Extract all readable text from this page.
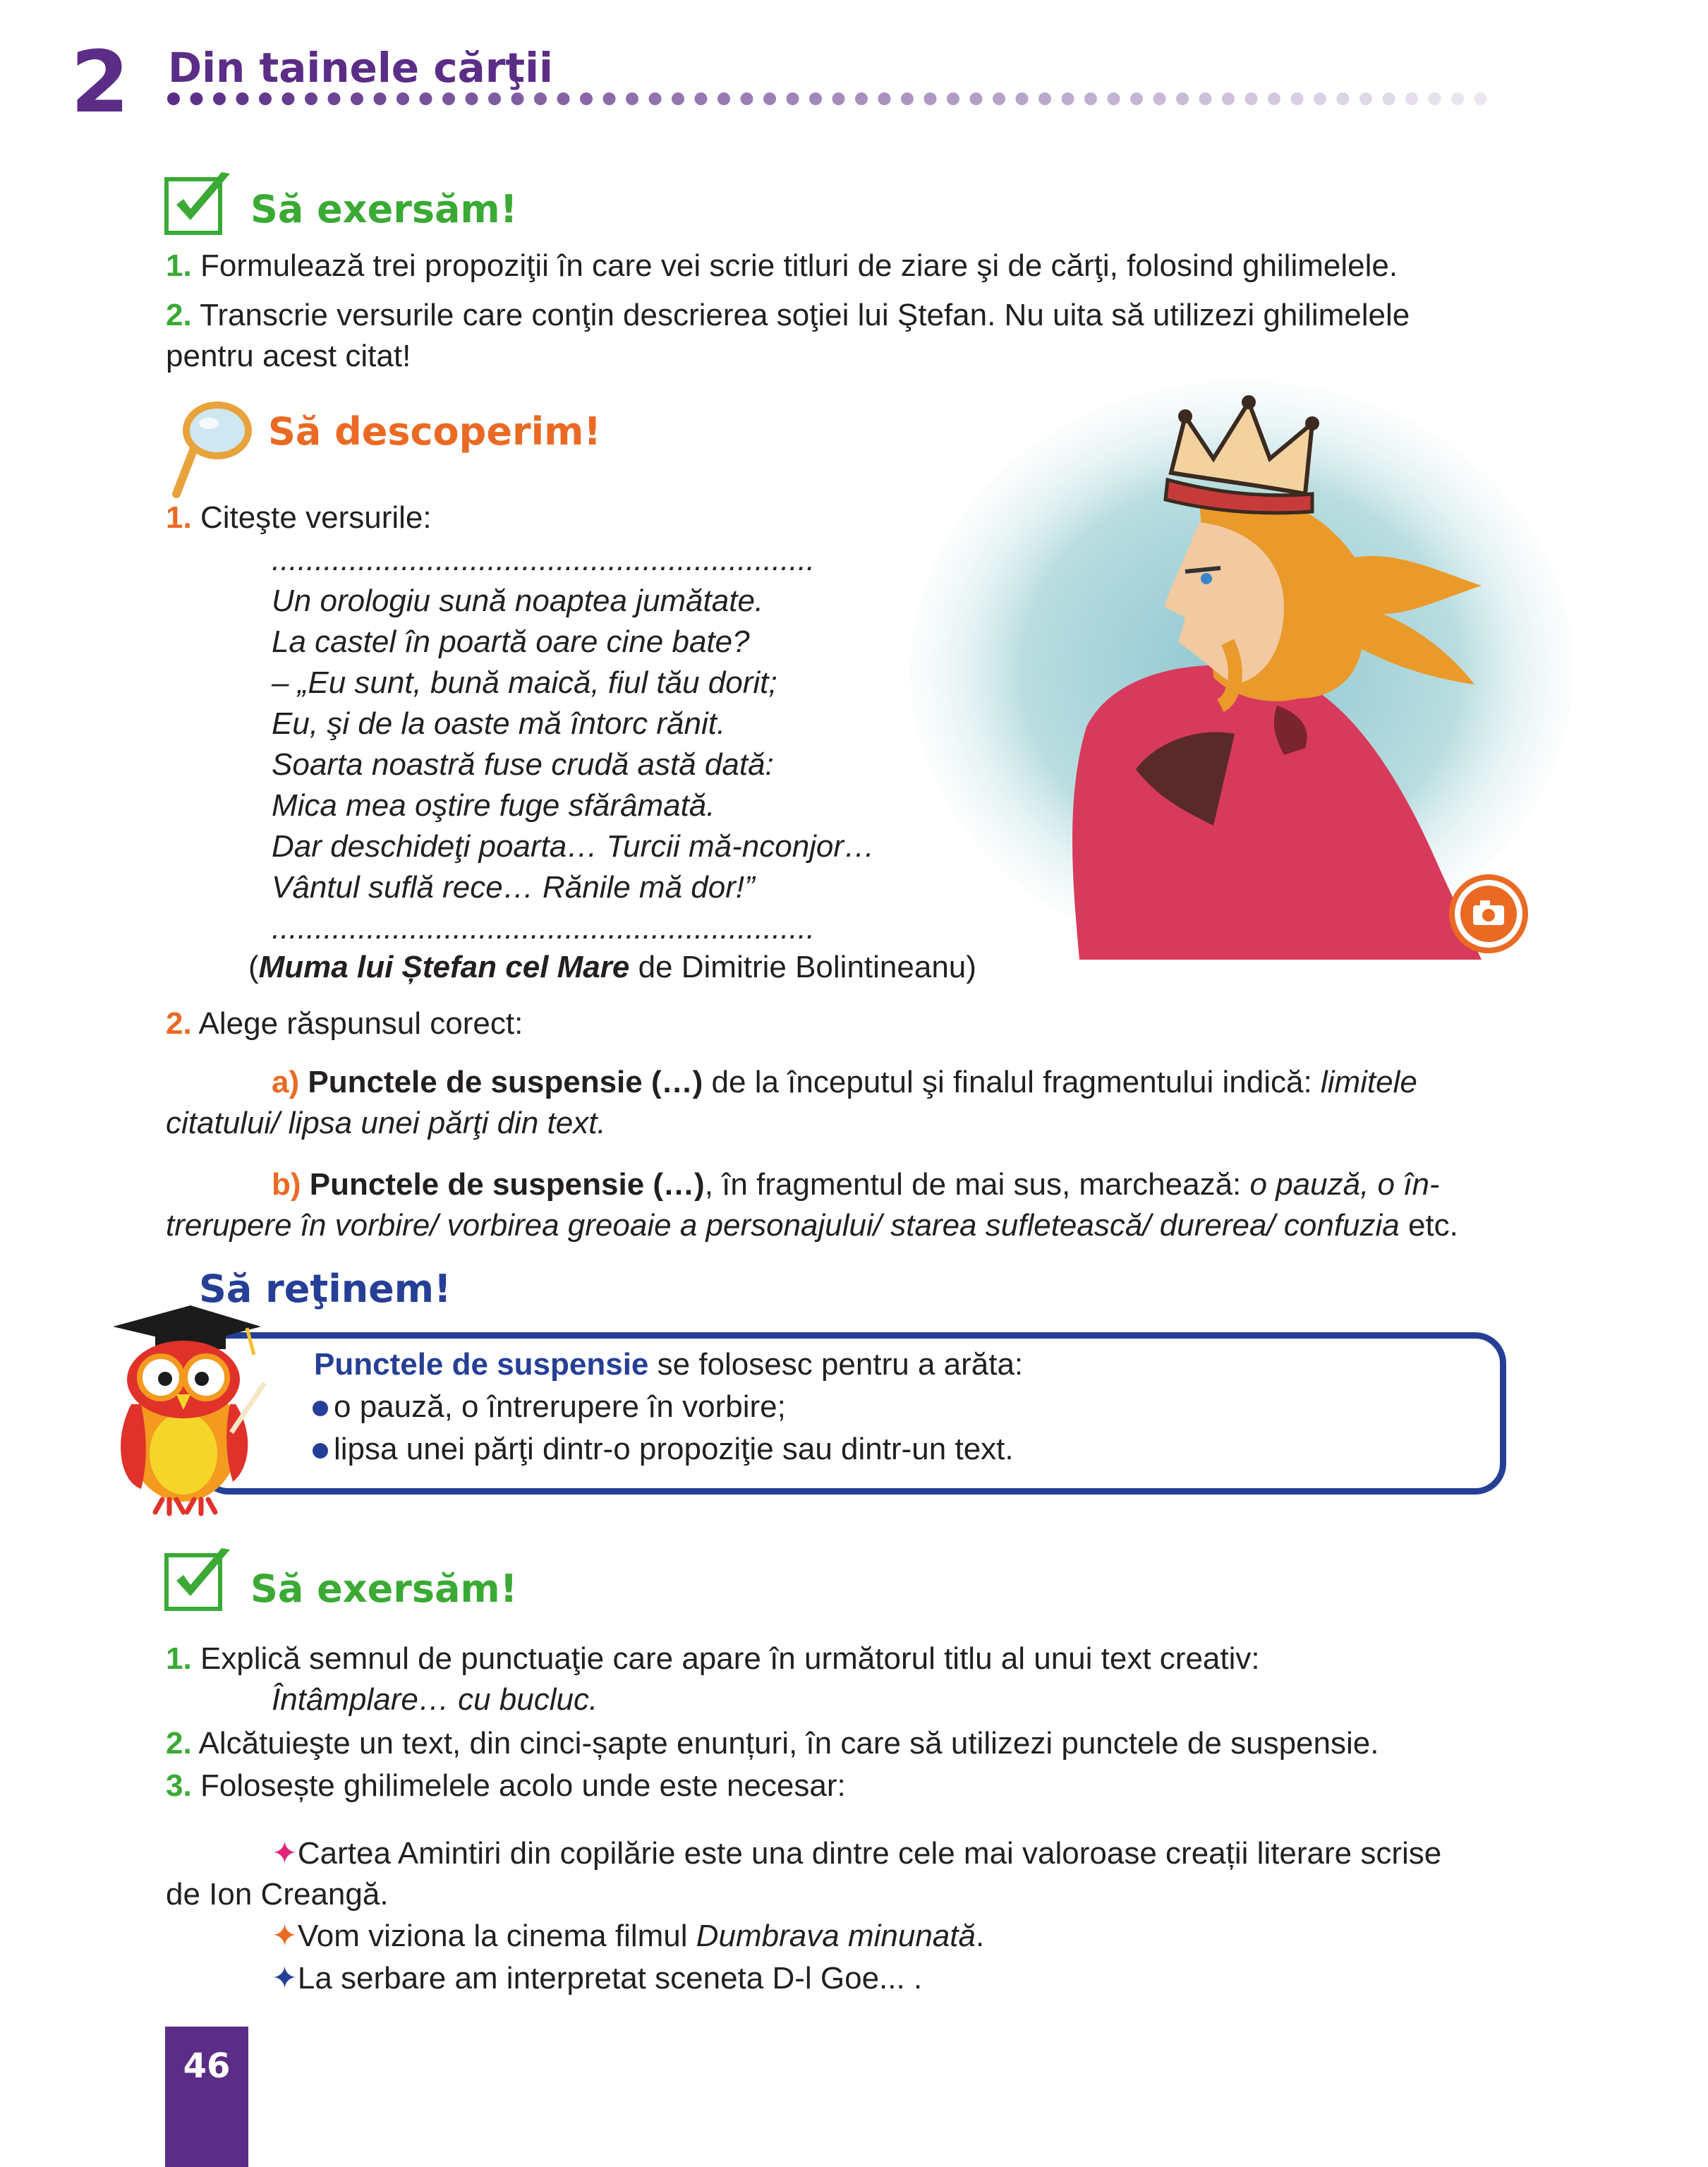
2 Din tainele cărţii
Să exersăm!
1. Formulează trei propoziţii în care vei scrie titluri de ziare şi de cărţi, folosind ghilimelele.
2. Transcrie versurile care conţin descrierea soţiei lui Ştefan. Nu uita să utilizezi ghilimelele
pentru acest citat!
Să descoperim!
1. Citeşte versurile:
...............................................................
Un orologiu sună noaptea jumătate.
La castel în poartă oare cine bate?
– „Eu sunt, bună maică, fiul tău dorit;
Eu, şi de la oaste mă întorc rănit.
Soarta noastră fuse crudă astă dată:
Mica mea oştire fuge sfărâmată.
Dar deschideţi poarta… Turcii mă-nconjor…
Vântul suflă rece… Rănile mă dor!”
...............................................................
(Muma lui Ștefan cel Mare de Dimitrie Bolintineanu)
2. Alege răspunsul corect:
a) Punctele de suspensie (…) de la începutul şi finalul fragmentului indică: limitele
citatului/ lipsa unei părţi din text.
b) Punctele de suspensie (…), în fragmentul de mai sus, marchează: o pauză, o în-
trerupere în vorbire/ vorbirea greoaie a personajului/ starea sufletească/ durerea/ confuzia etc.
Să reţinem!
Punctele de suspensie se folosesc pentru a arăta:
o pauză, o întrerupere în vorbire;
lipsa unei părţi dintr-o propoziţie sau dintr-un text.
Să exersăm!
1. Explică semnul de punctuaţie care apare în următorul titlu al unui text creativ:
Întâmplare… cu bucluc.
2. Alcătuieşte un text, din cinci-șapte enunțuri, în care să utilizezi punctele de suspensie.
3. Folosește ghilimelele acolo unde este necesar:
✦Cartea Amintiri din copilărie este una dintre cele mai valoroase creații literare scrise
de Ion Creangă.
✦Vom viziona la cinema filmul Dumbrava minunată.
✦La serbare am interpretat sceneta D-l Goe... .
46
